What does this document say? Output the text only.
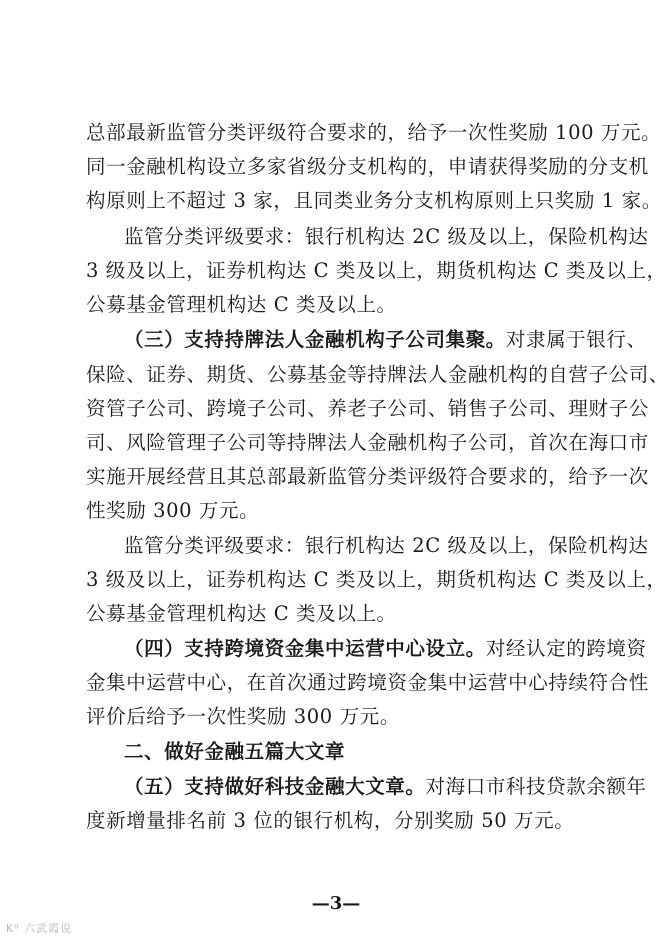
总部最新监管分类评级符合要求的，给予一次性奖励 100 万元。
同一金融机构设立多家省级分支机构的，申请获得奖励的分支机
构原则上不超过 3 家，且同类业务分支机构原则上只奖励 1 家。
监管分类评级要求：银行机构达 2C 级及以上，保险机构达
3 级及以上，证券机构达 C 类及以上，期货机构达 C 类及以上，
公募基金管理机构达 C 类及以上。
（三）支持持牌法人金融机构子公司集聚。对隶属于银行、
保险、证券、期货、公募基金等持牌法人金融机构的自营子公司、
资管子公司、跨境子公司、养老子公司、销售子公司、理财子公
司、风险管理子公司等持牌法人金融机构子公司，首次在海口市
实施开展经营且其总部最新监管分类评级符合要求的，给予一次
性奖励 300 万元。
监管分类评级要求：银行机构达 2C 级及以上，保险机构达
3 级及以上，证券机构达 C 类及以上，期货机构达 C 类及以上，
公募基金管理机构达 C 类及以上。
（四）支持跨境资金集中运营中心设立。对经认定的跨境资
金集中运营中心，在首次通过跨境资金集中运营中心持续符合性
评价后给予一次性奖励 300 万元。
二、做好金融五篇大文章
（五）支持做好科技金融大文章。对海口市科技贷款余额年
度新增量排名前 3 位的银行机构，分别奖励 50 万元。
—3—
K⁰ 六武霞说
